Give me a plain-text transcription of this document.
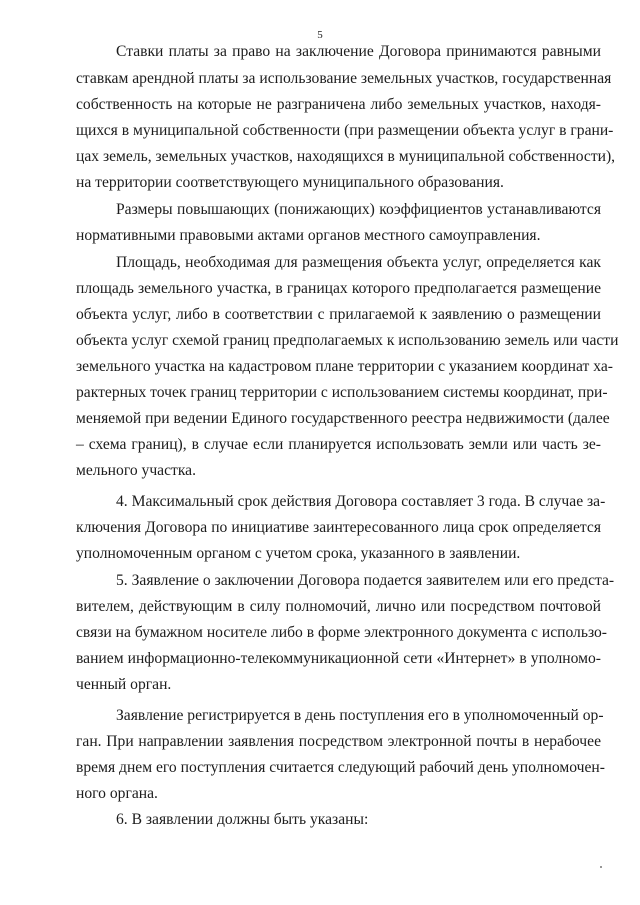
5
Ставки платы за право на заключение Договора принимаются равными
ставкам арендной платы за использование земельных участков, государственная
собственность на которые не разграничена либо земельных участков, находя-
щихся в муниципальной собственности (при размещении объекта услуг в грани-
цах земель, земельных участков, находящихся в муниципальной собственности),
на территории соответствующего муниципального образования.
Размеры повышающих (понижающих) коэффициентов устанавливаются
нормативными правовыми актами органов местного самоуправления.
Площадь, необходимая для размещения объекта услуг, определяется как
площадь земельного участка, в границах которого предполагается размещение
объекта услуг, либо в соответствии с прилагаемой к заявлению о размещении
объекта услуг схемой границ предполагаемых к использованию земель или части
земельного участка на кадастровом плане территории с указанием координат ха-
рактерных точек границ территории с использованием системы координат, при-
меняемой при ведении Единого государственного реестра недвижимости (далее
– схема границ), в случае если планируется использовать земли или часть зе-
мельного участка.
4. Максимальный срок действия Договора составляет 3 года. В случае за-
ключения Договора по инициативе заинтересованного лица срок определяется
уполномоченным органом с учетом срока, указанного в заявлении.
5. Заявление о заключении Договора подается заявителем или его предста-
вителем, действующим в силу полномочий, лично или посредством почтовой
связи на бумажном носителе либо в форме электронного документа с использо-
ванием информационно-телекоммуникационной сети «Интернет» в уполномо-
ченный орган.
Заявление регистрируется в день поступления его в уполномоченный ор-
ган. При направлении заявления посредством электронной почты в нерабочее
время днем его поступления считается следующий рабочий день уполномочен-
ного органа.
6. В заявлении должны быть указаны:
